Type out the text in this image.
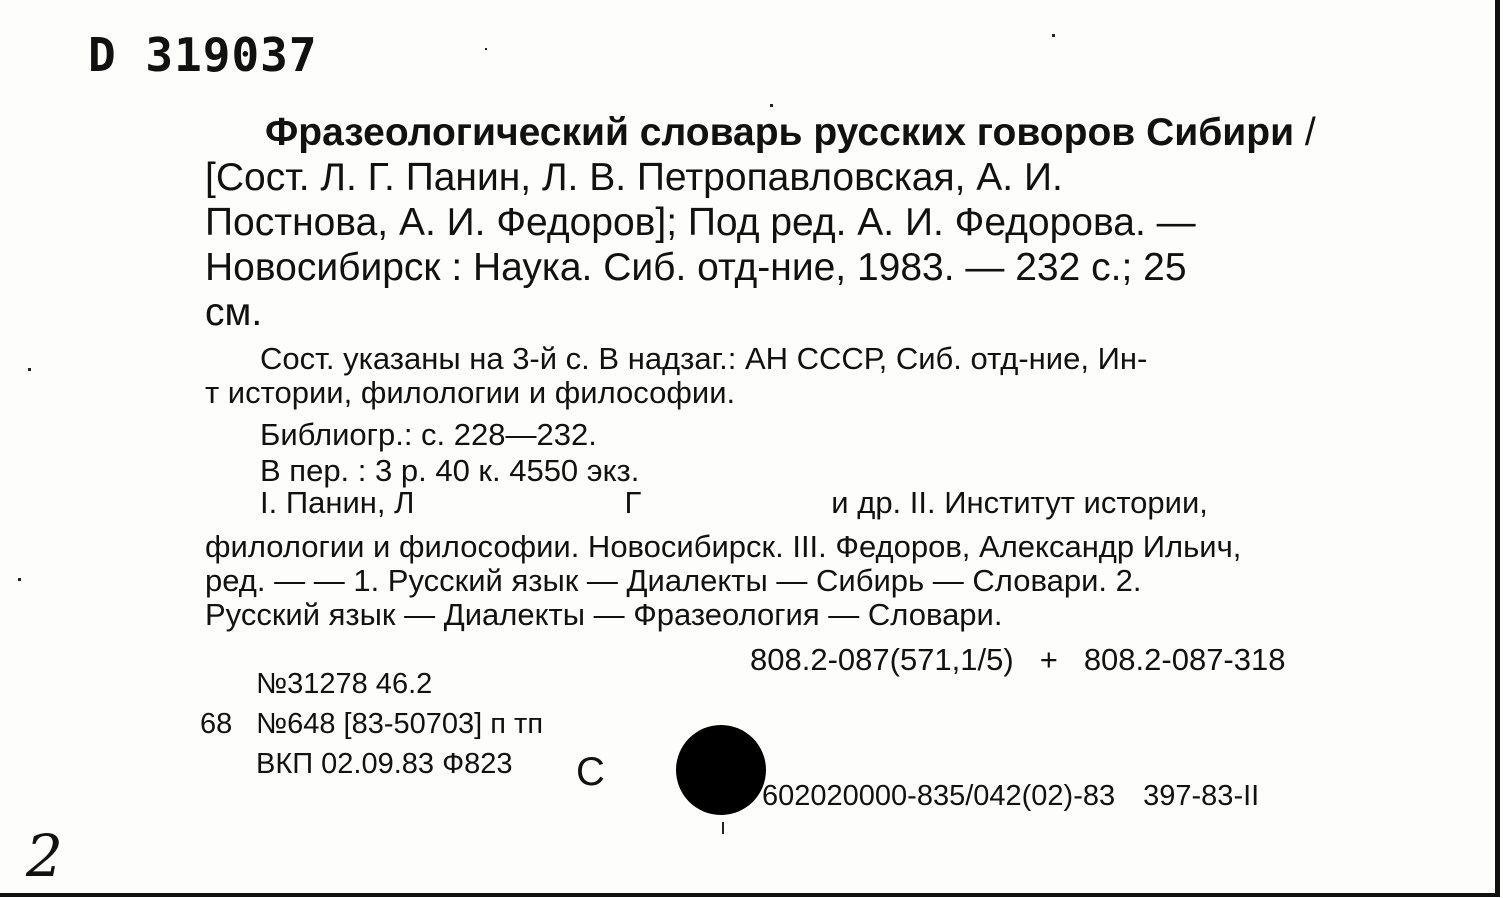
D 319037
Фразеологический словарь русских говоров Сибири /
[Сост. Л. Г. Панин, Л. В. Петропавловская, А. И.
Постнова, А. И. Федоров]; Под ред. А. И. Федорова. —
Новосибирск : Наука. Сиб. отд-ние, 1983. — 232 с.; 25
см.
Сост. указаны на 3-й с. В надзаг.: АН СССР, Сиб. отд-ние, Ин-
т истории, филологии и философии.
Библиогр.: с. 228—232.
В пер. : 3 р. 40 к. 4550 экз.
I. Панин, Л	Г	и др. II. Институт истории,
филологии и философии. Новосибирск. III. Федоров, Александр Ильич,
ред. — — 1. Русский язык — Диалекты — Сибирь — Словари. 2.
Русский язык — Диалекты — Фразеология — Словари.
808.2-087(571,1/5) + 808.2-087-318
№31278 46.2
68 №648 [83-50703] п тп
ВКП 02.09.83 Ф823	С
602020000-835/042(02)-83 397-83-II
2
